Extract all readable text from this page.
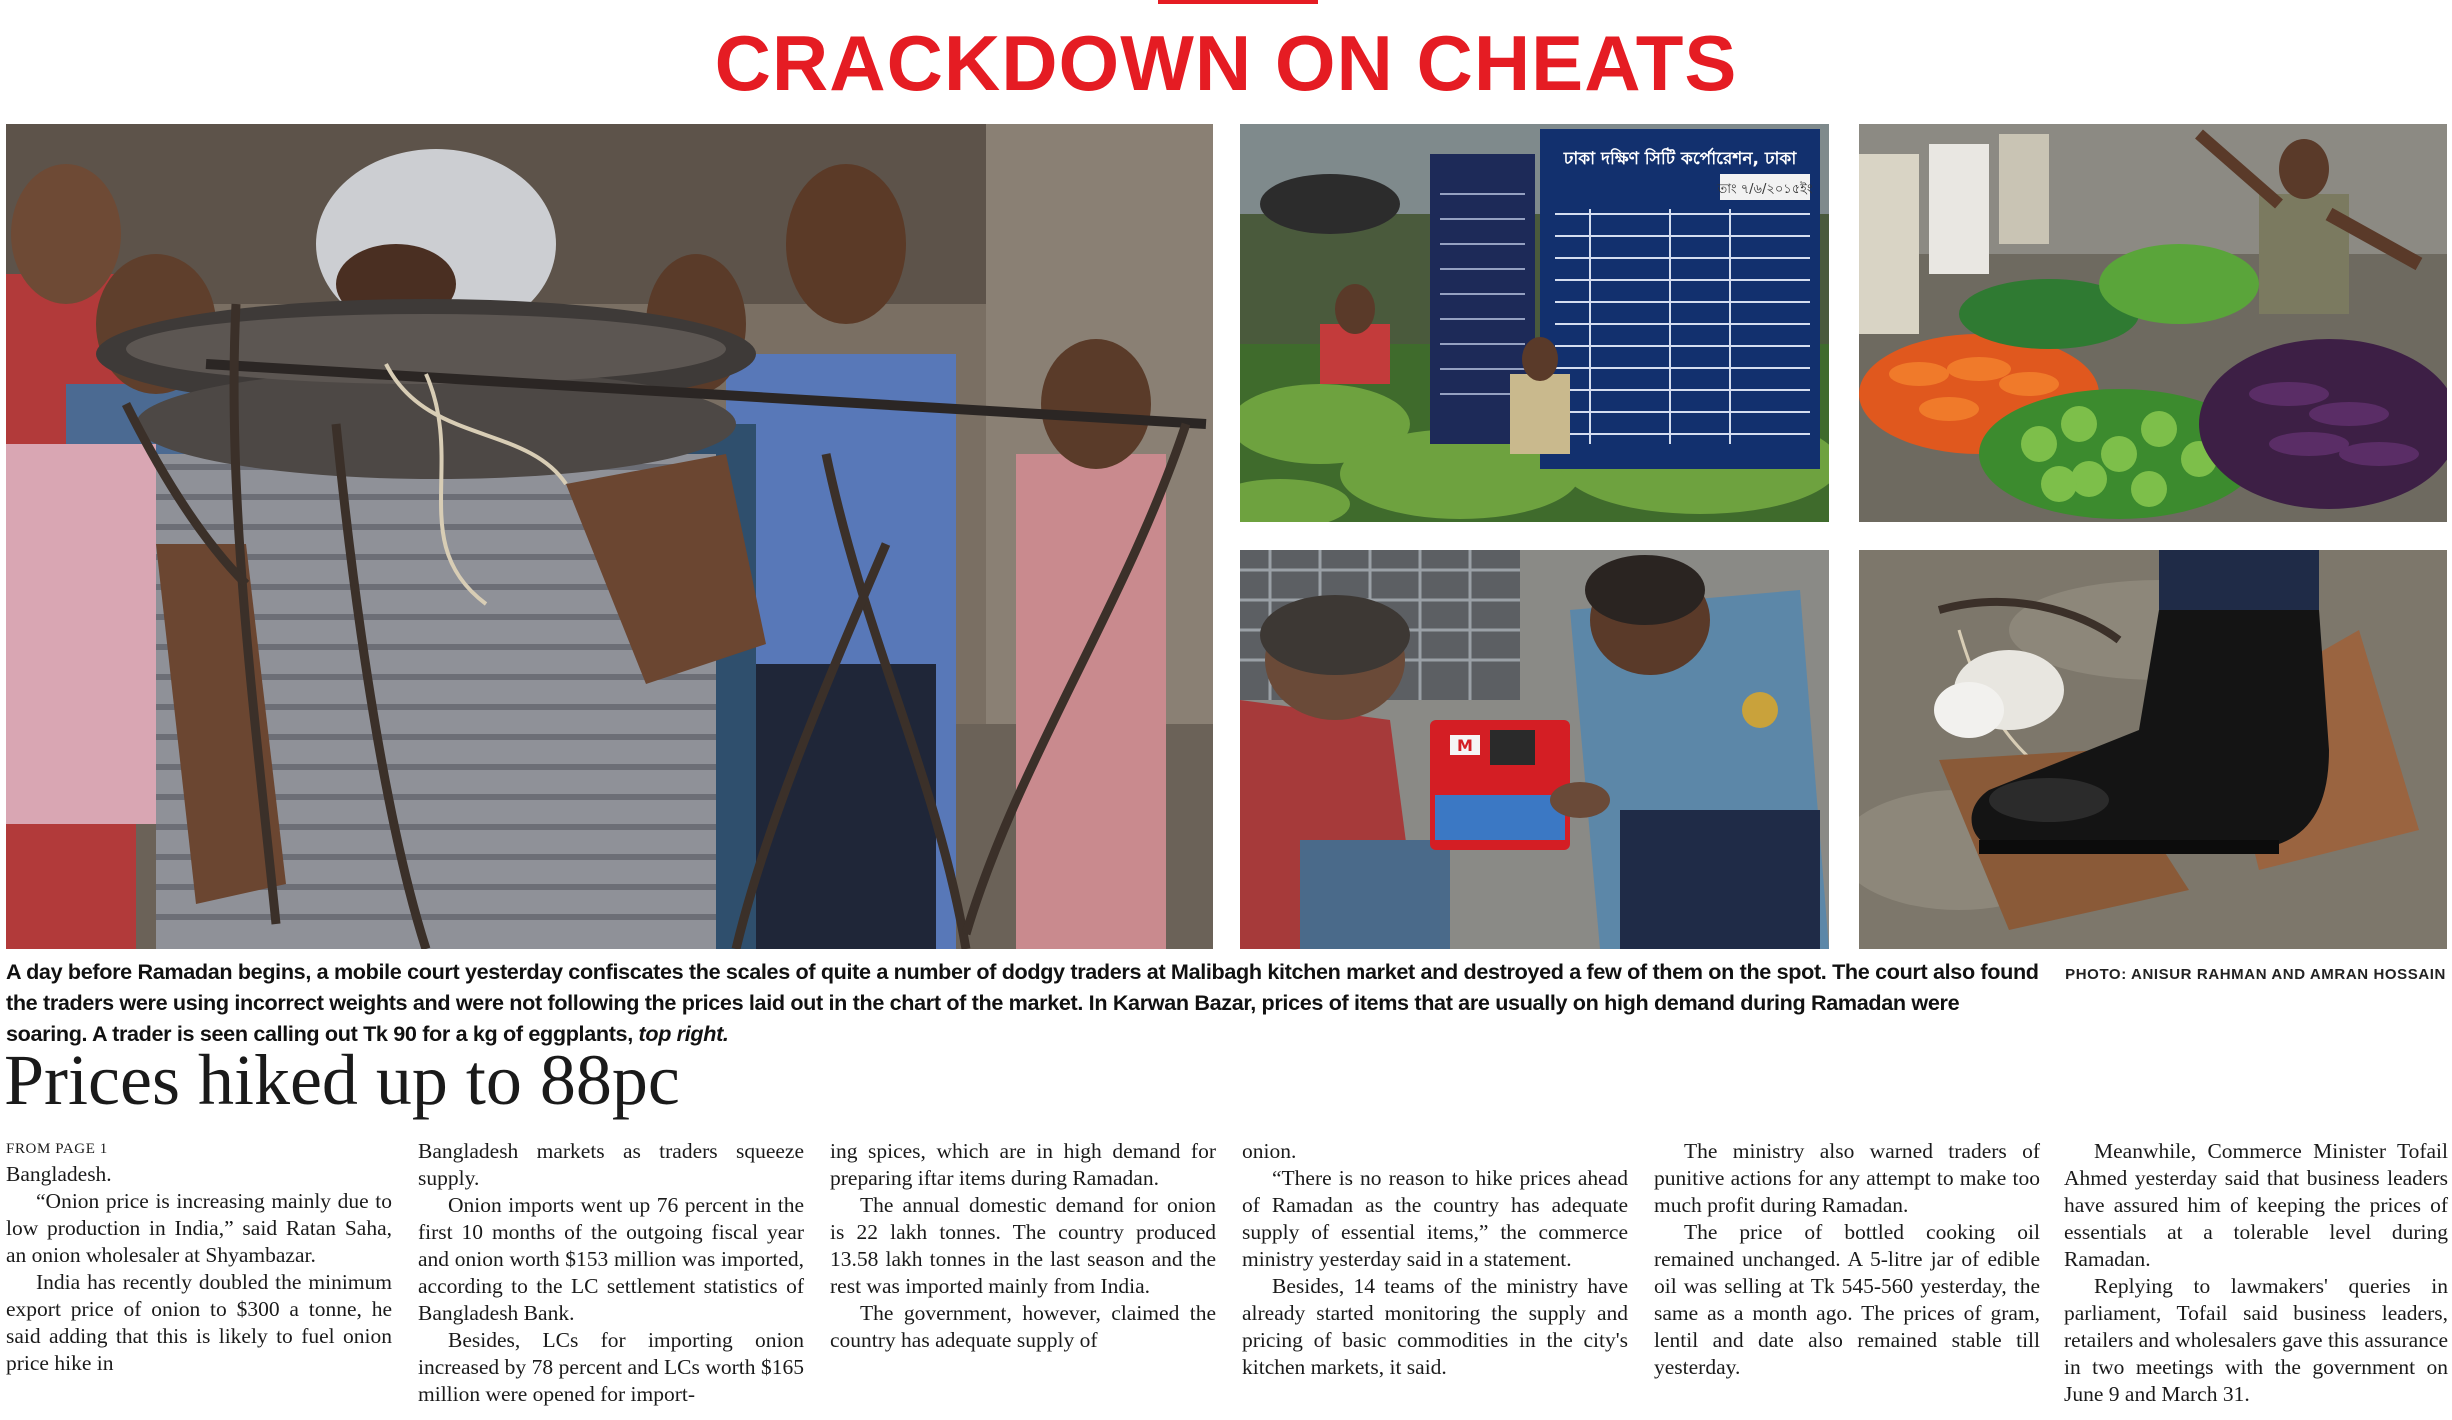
CRACKDOWN ON CHEATS
ঢাকা দক্ষিণ সিটি কর্পোরেশন, ঢাকা
তাং ৭/৬/২০১৫ইং
M
PHOTO: ANISUR RAHMAN AND AMRAN HOSSAIN
A day before Ramadan begins, a mobile court yesterday confiscates the scales of quite a number of dodgy traders at Malibagh kitchen market and destroyed a few of them on the spot. The court also found the traders were using incorrect weights and were not following the prices laid out in the chart of the market. In Karwan Bazar, prices of items that are usually on high demand during Ramadan were soaring. A trader is seen calling out Tk 90 for a kg of eggplants, top right.
Prices hiked up to 88pc

FROM PAGE 1

Bangladesh.

“Onion price is increasing mainly due to low production in India,” said Ratan Saha, an onion wholesaler at Shyambazar.

India has recently doubled the minimum export price of onion to $300 a tonne, he said adding that this is likely to fuel onion price hike in

Bangladesh markets as traders squeeze supply.

Onion imports went up 76 percent in the first 10 months of the outgoing fiscal year and onion worth $153 million was imported, according to the LC settlement statistics of Bangladesh Bank.

Besides, LCs for importing onion increased by 78 percent and LCs worth $165 million were opened for import-

ing spices, which are in high demand for preparing iftar items during Ramadan.

The annual domestic demand for onion is 22 lakh tonnes. The country produced 13.58 lakh tonnes in the last season and the rest was imported mainly from India.

The government, however, claimed the country has adequate supply of

onion.

“There is no reason to hike prices ahead of Ramadan as the country has adequate supply of essential items,” the commerce ministry yesterday said in a statement.

Besides, 14 teams of the ministry have already started monitoring the supply and pricing of basic commodities in the city's kitchen markets, it said.

The ministry also warned traders of punitive actions for any attempt to make too much profit during Ramadan.

The price of bottled cooking oil remained unchanged. A 5-litre jar of edible oil was selling at Tk 545-560 yesterday, the same as a month ago. The prices of gram, lentil and date also remained stable till yesterday.

Meanwhile, Commerce Minister Tofail Ahmed yesterday said that business leaders have assured him of keeping the prices of essentials at a tolerable level during Ramadan.

Replying to lawmakers' queries in parliament, Tofail said business leaders, retailers and wholesalers gave this assurance in two meetings with the government on June 9 and March 31.
